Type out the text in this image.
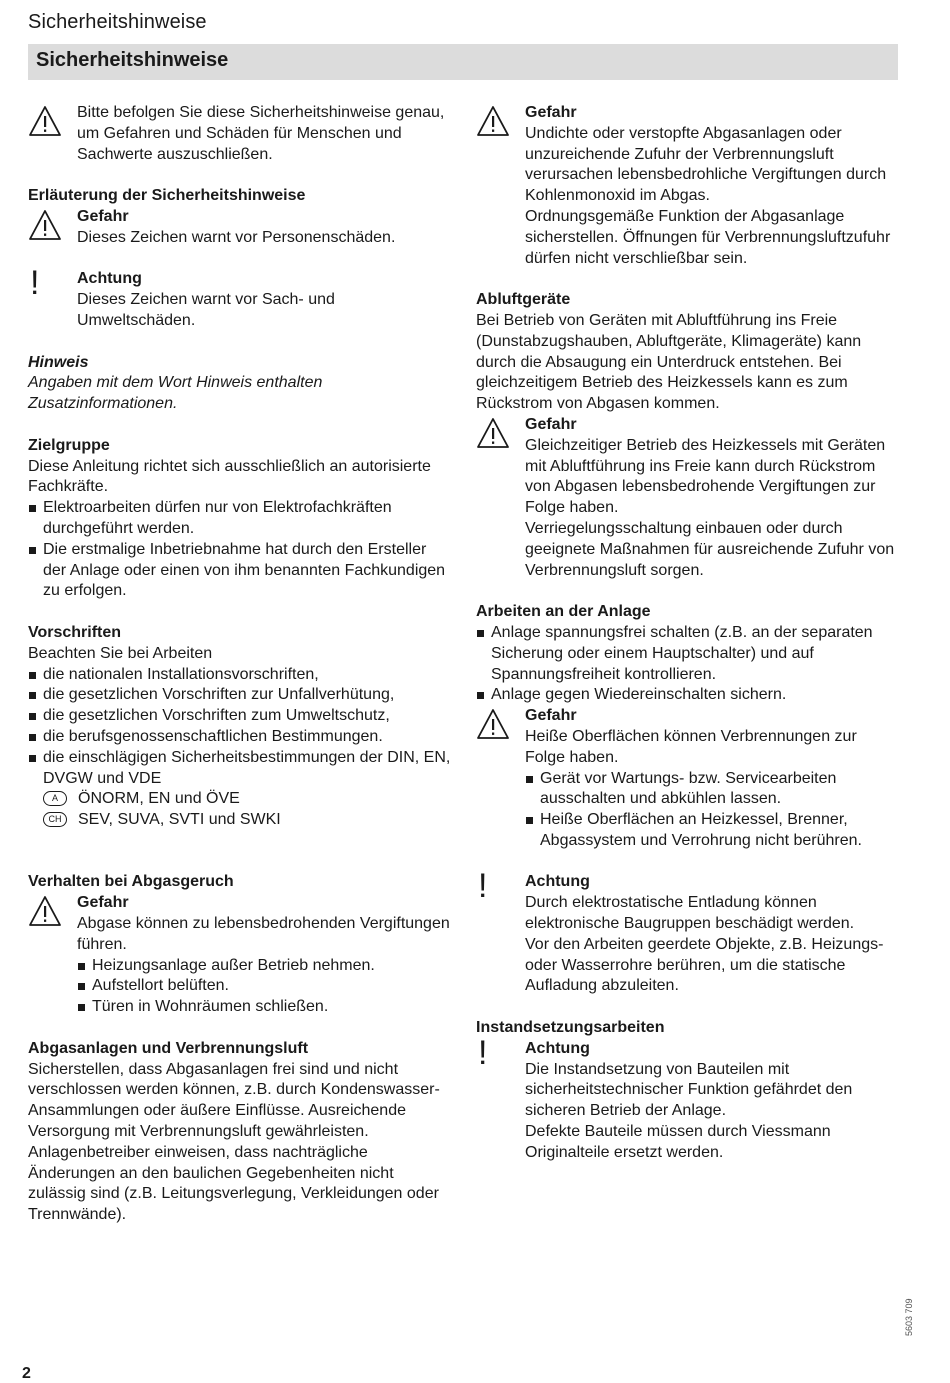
Sicherheitshinweise
Sicherheitshinweise

Bitte befolgen Sie diese Sicherheitshinweise genau, um Gefahren und Schäden für Menschen und Sachwerte auszuschließen.

Erläuterung der Sicherheitshinweise

Gefahr

Dieses Zeichen warnt vor Personenschäden.

! Achtung

Dieses Zeichen warnt vor Sach- und Umweltschäden.

Hinweis

Angaben mit dem Wort Hinweis enthalten Zusatzinformationen.

Zielgruppe

Diese Anleitung richtet sich ausschließlich an autorisierte Fachkräfte.

Elektroarbeiten dürfen nur von Elektrofachkräften durchgeführt werden.
Die erstmalige Inbetriebnahme hat durch den Ersteller der Anlage oder einen von ihm benannten Fachkundigen zu erfolgen.

Vorschriften

Beachten Sie bei Arbeiten

die nationalen Installationsvorschriften,
die gesetzlichen Vorschriften zur Unfallverhütung,
die gesetzlichen Vorschriften zum Umweltschutz,
die berufsgenossenschaftlichen Bestimmungen.
die einschlägigen Sicherheitsbestimmungen der DIN, EN, DVGW und VDE
A	ÖNORM, EN und ÖVE
CH	SEV, SUVA, SVTI und SWKI

Verhalten bei Abgasgeruch

Gefahr

Abgase können zu lebensbedrohenden Vergiftungen führen.

Heizungsanlage außer Betrieb nehmen.
Aufstellort belüften.
Türen in Wohnräumen schließen.

Abgasanlagen und Verbrennungsluft

Sicherstellen, dass Abgasanlagen frei sind und nicht verschlossen werden können, z.B. durch Kondenswasser-Ansammlungen oder äußere Einflüsse. Ausreichende Versorgung mit Verbrennungsluft gewährleisten.

Anlagenbetreiber einweisen, dass nachträgliche Änderungen an den baulichen Gegebenheiten nicht zulässig sind (z.B. Leitungsverlegung, Verkleidungen oder Trennwände).

Gefahr

Undichte oder verstopfte Abgasanlagen oder unzureichende Zufuhr der Verbrennungsluft verursachen lebensbedrohliche Vergiftungen durch Kohlenmonoxid im Abgas.

Ordnungsgemäße Funktion der Abgasanlage sicherstellen. Öffnungen für Verbrennungsluftzufuhr dürfen nicht verschließbar sein.

Abluftgeräte

Bei Betrieb von Geräten mit Abluftführung ins Freie (Dunstabzugshauben, Abluftgeräte, Klimageräte) kann durch die Absaugung ein Unterdruck entstehen. Bei gleichzeitigem Betrieb des Heizkessels kann es zum Rückstrom von Abgasen kommen.

Gefahr

Gleichzeitiger Betrieb des Heizkessels mit Geräten mit Abluftführung ins Freie kann durch Rückstrom von Abgasen lebensbedrohende Vergiftungen zur Folge haben.

Verriegelungsschaltung einbauen oder durch geeignete Maßnahmen für ausreichende Zufuhr von Verbrennungsluft sorgen.

Arbeiten an der Anlage

Anlage spannungsfrei schalten (z.B. an der separaten Sicherung oder einem Hauptschalter) und auf Spannungsfreiheit kontrollieren.
Anlage gegen Wiedereinschalten sichern.

Gefahr

Heiße Oberflächen können Verbrennungen zur Folge haben.

Gerät vor Wartungs- bzw. Servicearbeiten ausschalten und abkühlen lassen.
Heiße Oberflächen an Heizkessel, Brenner, Abgassystem und Verrohrung nicht berühren.
! Achtung

Durch elektrostatische Entladung können elektronische Baugruppen beschädigt werden.

Vor den Arbeiten geerdete Objekte, z.B. Heizungs- oder Wasserrohre berühren, um die statische Aufladung abzuleiten.

Instandsetzungsarbeiten

! Achtung

Die Instandsetzung von Bauteilen mit sicherheitstechnischer Funktion gefährdet den sicheren Betrieb der Anlage.

Defekte Bauteile müssen durch Viessmann Originalteile ersetzt werden.

2
5603 709
